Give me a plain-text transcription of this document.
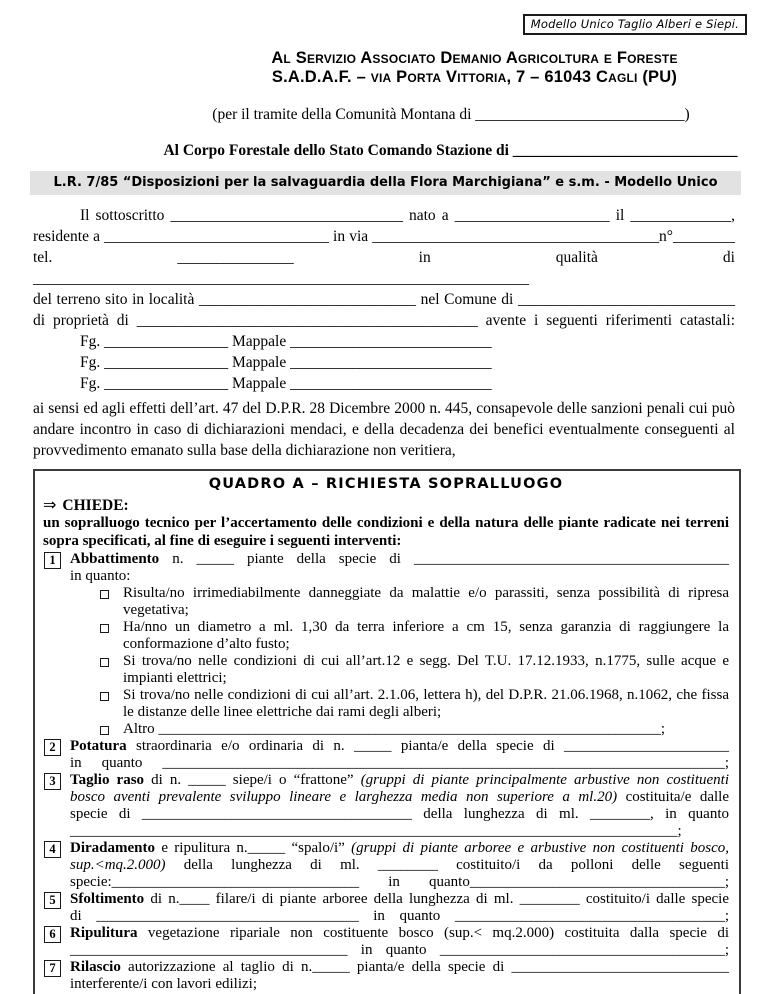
Modello Unico Taglio Alberi e Siepi.
Al Servizio Associato Demanio Agricoltura e Foreste
S.A.D.A.F. – via Porta Vittoria, 7 – 61043 Cagli (PU)
(per il tramite della Comunità Montana di ___________________________)
Al Corpo Forestale dello Stato Comando Stazione di _____________________________
L.R. 7/85 “Disposizioni per la salvaguardia della Flora Marchigiana” e s.m. - Modello Unico
Il sottoscritto ______________________________ nato a ____________________ il _____________,
residente a _____________________________ in via _____________________________________n°________
tel. _______________ in qualità di ________________________________________________________________
del terreno sito in località ____________________________ nel Comune di ____________________________
di proprietà di ____________________________________________ avente i seguenti riferimenti catastali:
Fg. ________________ Mappale __________________________
Fg. ________________ Mappale __________________________
Fg. ________________ Mappale __________________________

ai sensi ed agli effetti dell’art. 47 del D.P.R. 28 Dicembre 2000 n. 445, consapevole delle sanzioni penali cui può andare incontro in caso di dichiarazioni mendaci, e della decadenza dei benefici eventualmente conseguenti al provvedimento emanato sulla base della dichiarazione non veritiera,

QUADRO A – RICHIESTA SOPRALLUOGO
⇒ CHIEDE:

un sopralluogo tecnico per l’accertamento delle condizioni e della natura delle piante radicate nei terreni sopra specificati, al fine di eseguire i seguenti interventi:

1 Abbattimento n. _____ piante della specie di __________________________________________
in quanto:
Risulta/no irrimediabilmente danneggiate da malattie e/o parassiti, senza possibilità di ripresa vegetativa;
Ha/nno un diametro a ml. 1,30 da terra inferiore a cm 15, senza garanzia di raggiungere la conformazione d’alto fusto;
Si trova/no nelle condizioni di cui all’art.12 e segg. Del T.U. 17.12.1933, n.1775, sulle acque e impianti elettrici;
Si trova/no nelle condizioni di cui all’art. 2.1.06, lettera h), del D.P.R. 21.06.1968, n.1062, che fissa le distanze delle linee elettriche dai rami degli alberi;
Altro ___________________________________________________________________;
2 Potatura straordinaria e/o ordinaria di n. _____ pianta/e della specie di ______________________
in quanto ___________________________________________________________________________;
3 Taglio raso di n. _____ siepe/i o “frattone” (gruppi di piante principalmente arbustive non costituenti
bosco aventi prevalente sviluppo lineare e larghezza media non superiore a ml.20) costituita/e dalle
specie di ____________________________________ della lunghezza di ml. ________, in quanto
_________________________________________________________________________________;
4 Diradamento e ripulitura n._____ “spalo/i” (gruppi di piante arboree e arbustive non costituenti bosco,
sup.<mq.2.000) della lunghezza di ml. ________ costituito/i da polloni delle seguenti
specie:_________________________________ in quanto__________________________________;
5 Sfoltimento di n.____ filare/i di piante arboree della lunghezza di ml. ________ costituito/i dalle specie
di ___________________________________ in quanto ____________________________________;
6 Ripulitura vegetazione ripariale non costituente bosco (sup.< mq.2.000) costituita dalla specie di
_____________________________________ in quanto ______________________________________;
7 Rilascio autorizzazione al taglio di n._____ pianta/e della specie di _____________________________
interferente/i con lavori edilizi;
